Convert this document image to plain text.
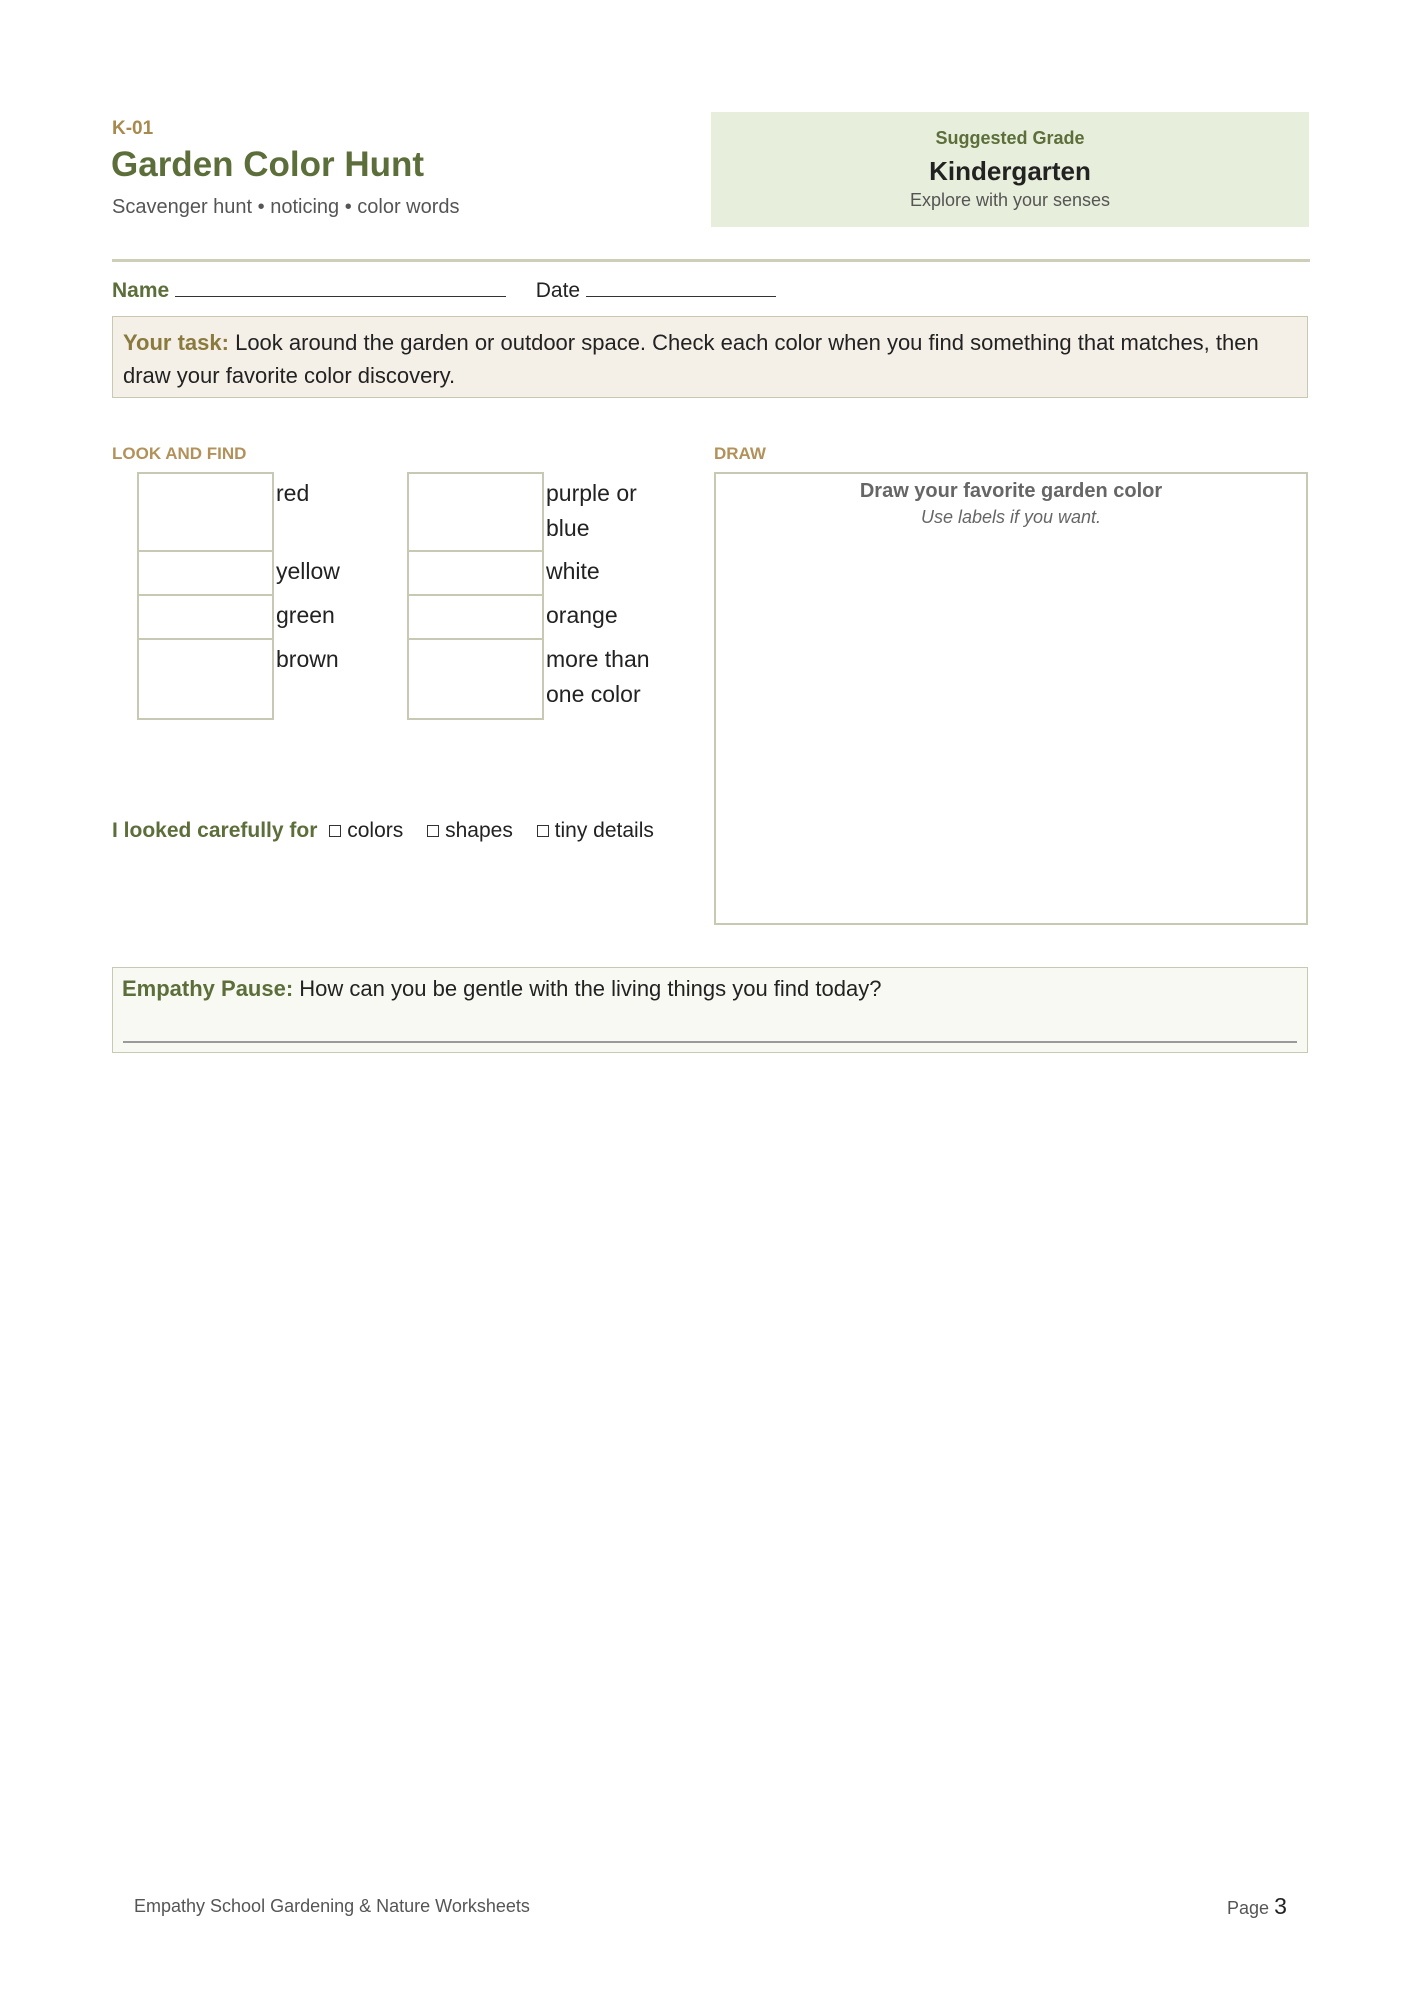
K-01
Garden Color Hunt
Scavenger hunt • noticing • color words
Suggested Grade
Kindergarten
Explore with your senses
Name	Date
Your task: Look around the garden or outdoor space. Check each color when you find something that matches, then draw your favorite color discovery.
LOOK AND FIND
red
yellow
green
brown
purple or blue
white
orange
more than one color
I looked carefully for colors shapes tiny details
DRAW
Draw your favorite garden color
Use labels if you want.
Empathy Pause: How can you be gentle with the living things you find today?
Empathy School Gardening & Nature Worksheets	Page 3
